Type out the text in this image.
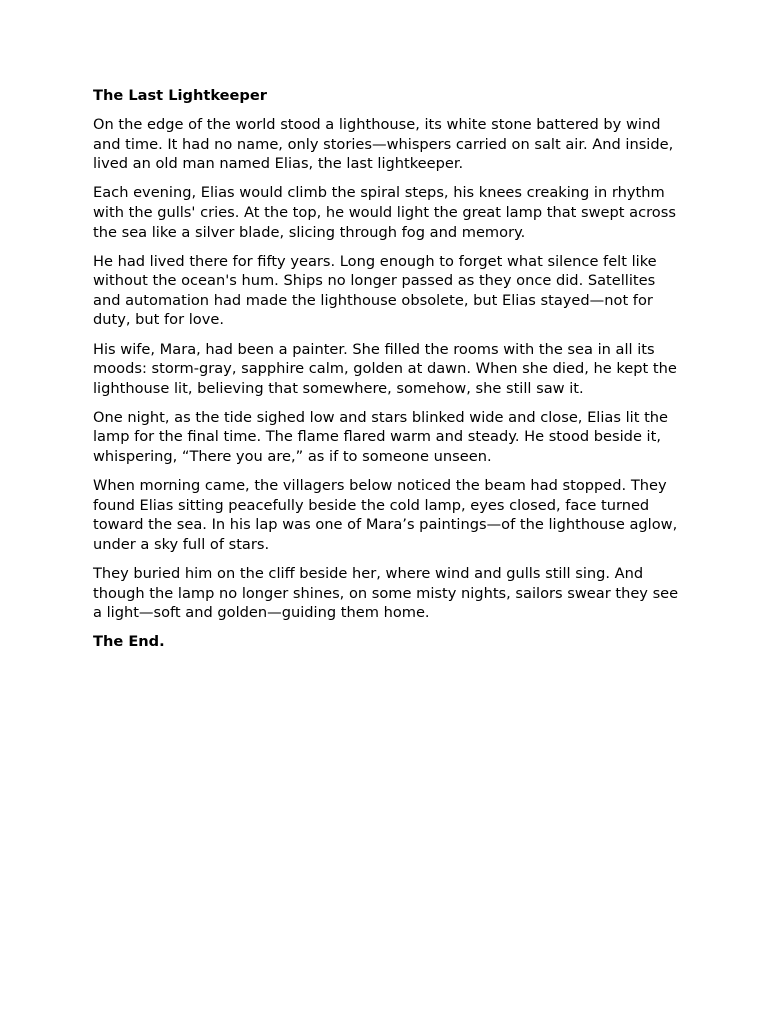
The Last Lightkeeper

On the edge of the world stood a lighthouse, its white stone battered by wind and time. It had no name, only stories—whispers carried on salt air. And inside, lived an old man named Elias, the last lightkeeper.

Each evening, Elias would climb the spiral steps, his knees creaking in rhythm with the gulls' cries. At the top, he would light the great lamp that swept across the sea like a silver blade, slicing through fog and memory.

He had lived there for fifty years. Long enough to forget what silence felt like without the ocean's hum. Ships no longer passed as they once did. Satellites and automation had made the lighthouse obsolete, but Elias stayed—not for duty, but for love.

His wife, Mara, had been a painter. She filled the rooms with the sea in all its moods: storm-gray, sapphire calm, golden at dawn. When she died, he kept the lighthouse lit, believing that somewhere, somehow, she still saw it.

One night, as the tide sighed low and stars blinked wide and close, Elias lit the lamp for the final time. The flame flared warm and steady. He stood beside it, whispering, “There you are,” as if to someone unseen.

When morning came, the villagers below noticed the beam had stopped. They found Elias sitting peacefully beside the cold lamp, eyes closed, face turned toward the sea. In his lap was one of Mara’s paintings—of the lighthouse aglow, under a sky full of stars.

They buried him on the cliff beside her, where wind and gulls still sing. And though the lamp no longer shines, on some misty nights, sailors swear they see a light—soft and golden—guiding them home.

The End.
